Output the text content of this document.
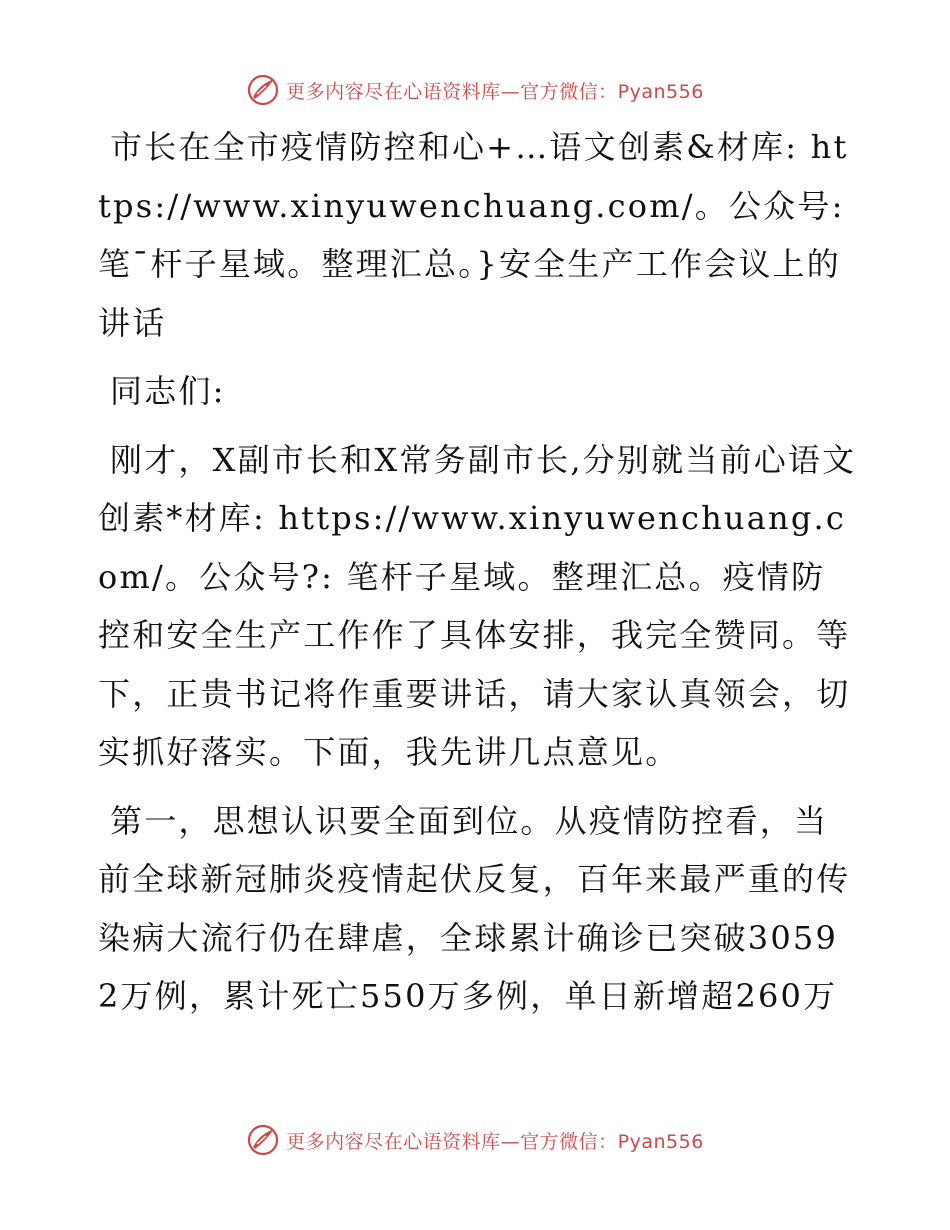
更多内容尽在心语资料库—官方微信：Pyan556

市长在全市疫情防控和心+…语文创素&材库: https://www.xinyuwenchuang.com/。公众号: 笔¯杆子星域。整理汇总。}安全生产工作会议上的讲话

同志们:

刚才，X副市长和X常务副市长,分别就当前心语文创素*材库: https://www.xinyuwenchuang.com/。公众号?: 笔杆子星域。整理汇总。疫情防控和安全生产工作作了具体安排，我完全赞同。等下，正贵书记将作重要讲话，请大家认真领会，切实抓好落实。下面，我先讲几点意见。

第一，思想认识要全面到位。从疫情防控看，当前全球新冠肺炎疫情起伏反复，百年来最严重的传染病大流行仍在肆虐，全球累计确诊已突破30592万例，累计死亡550万多例，单日新增超260万

更多内容尽在心语资料库—官方微信：Pyan556
